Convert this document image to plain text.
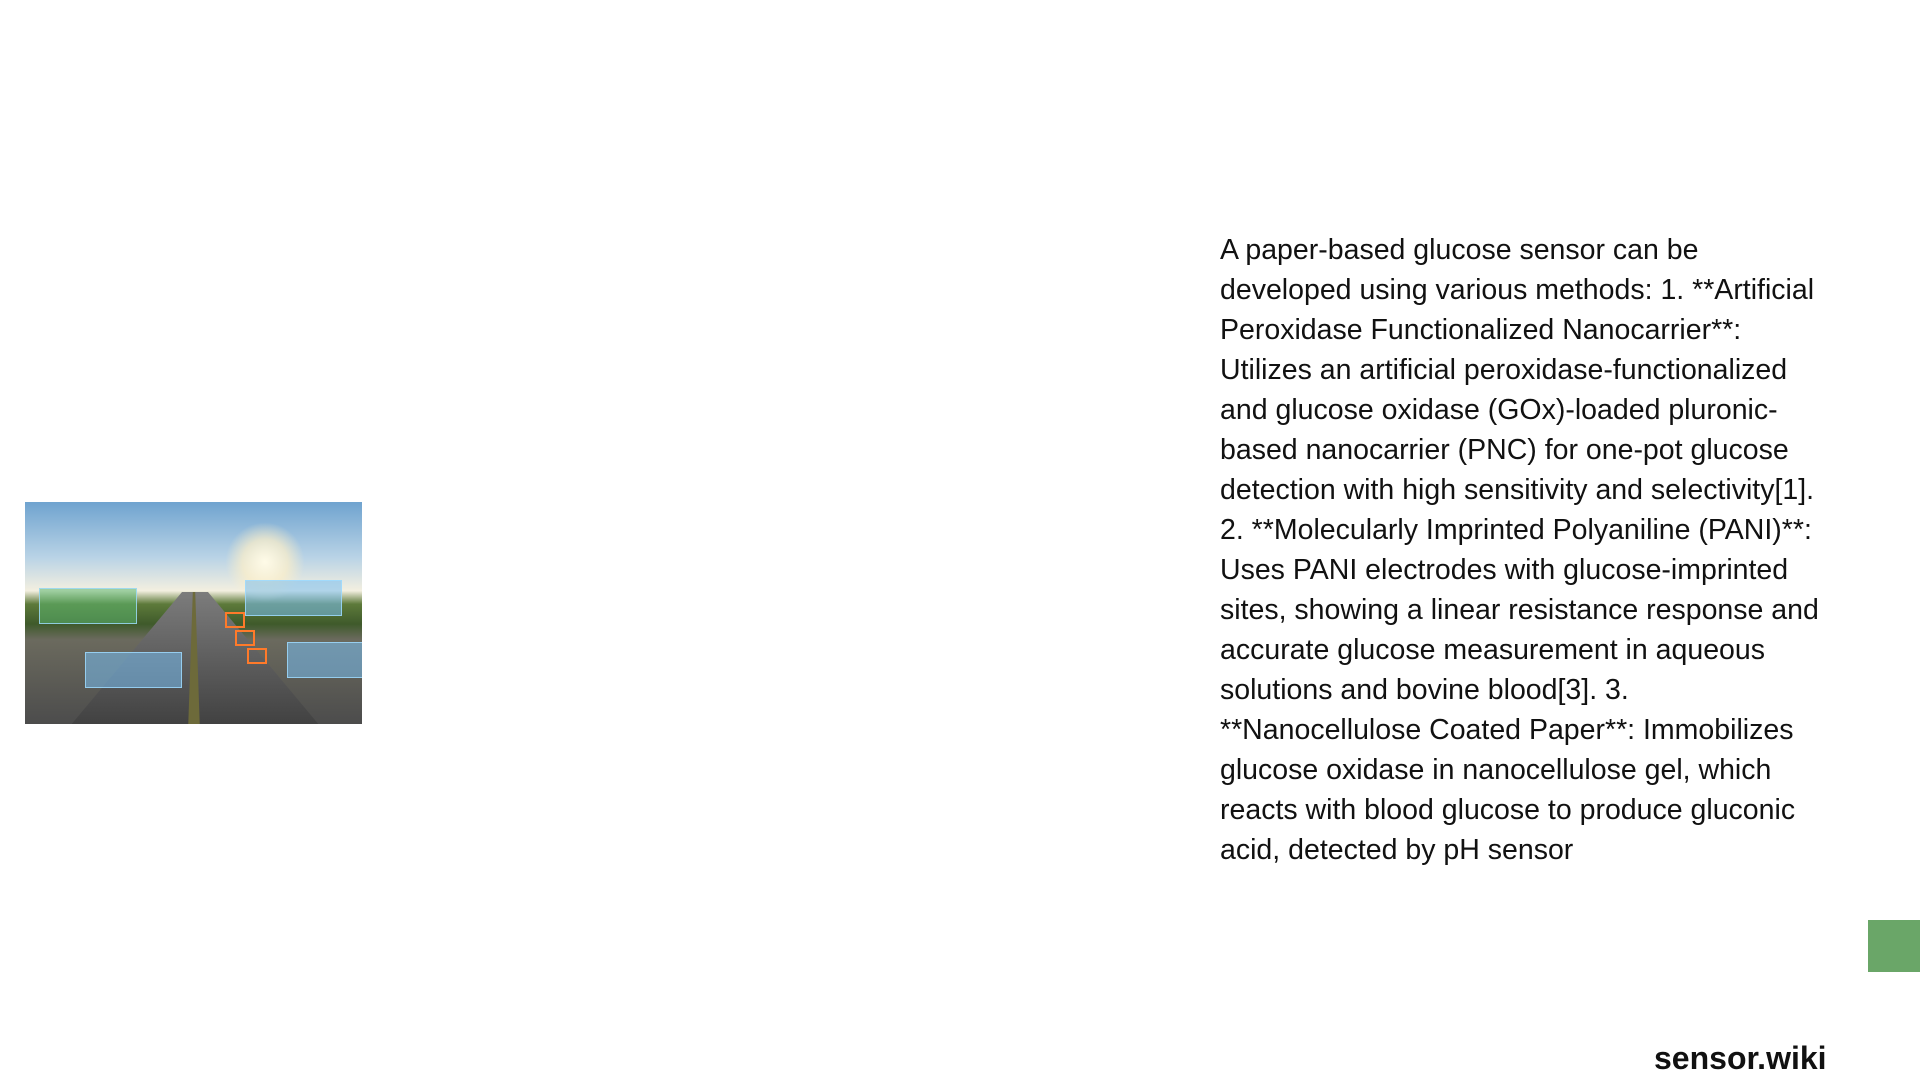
A paper-based glucose sensor can be developed using various methods: 1. **Artificial Peroxidase Functionalized Nanocarrier**: Utilizes an artificial peroxidase-functionalized and glucose oxidase (GOx)-loaded pluronic-based nanocarrier (PNC) for one-pot glucose detection with high sensitivity and selectivity[1]. 2. **Molecularly Imprinted Polyaniline (PANI)**: Uses PANI electrodes with glucose-imprinted sites, showing a linear resistance response and accurate glucose measurement in aqueous solutions and bovine blood[3]. 3. **Nanocellulose Coated Paper**: Immobilizes glucose oxidase in nanocellulose gel, which reacts with blood glucose to produce gluconic acid, detected by pH sensor
sensor.wiki
